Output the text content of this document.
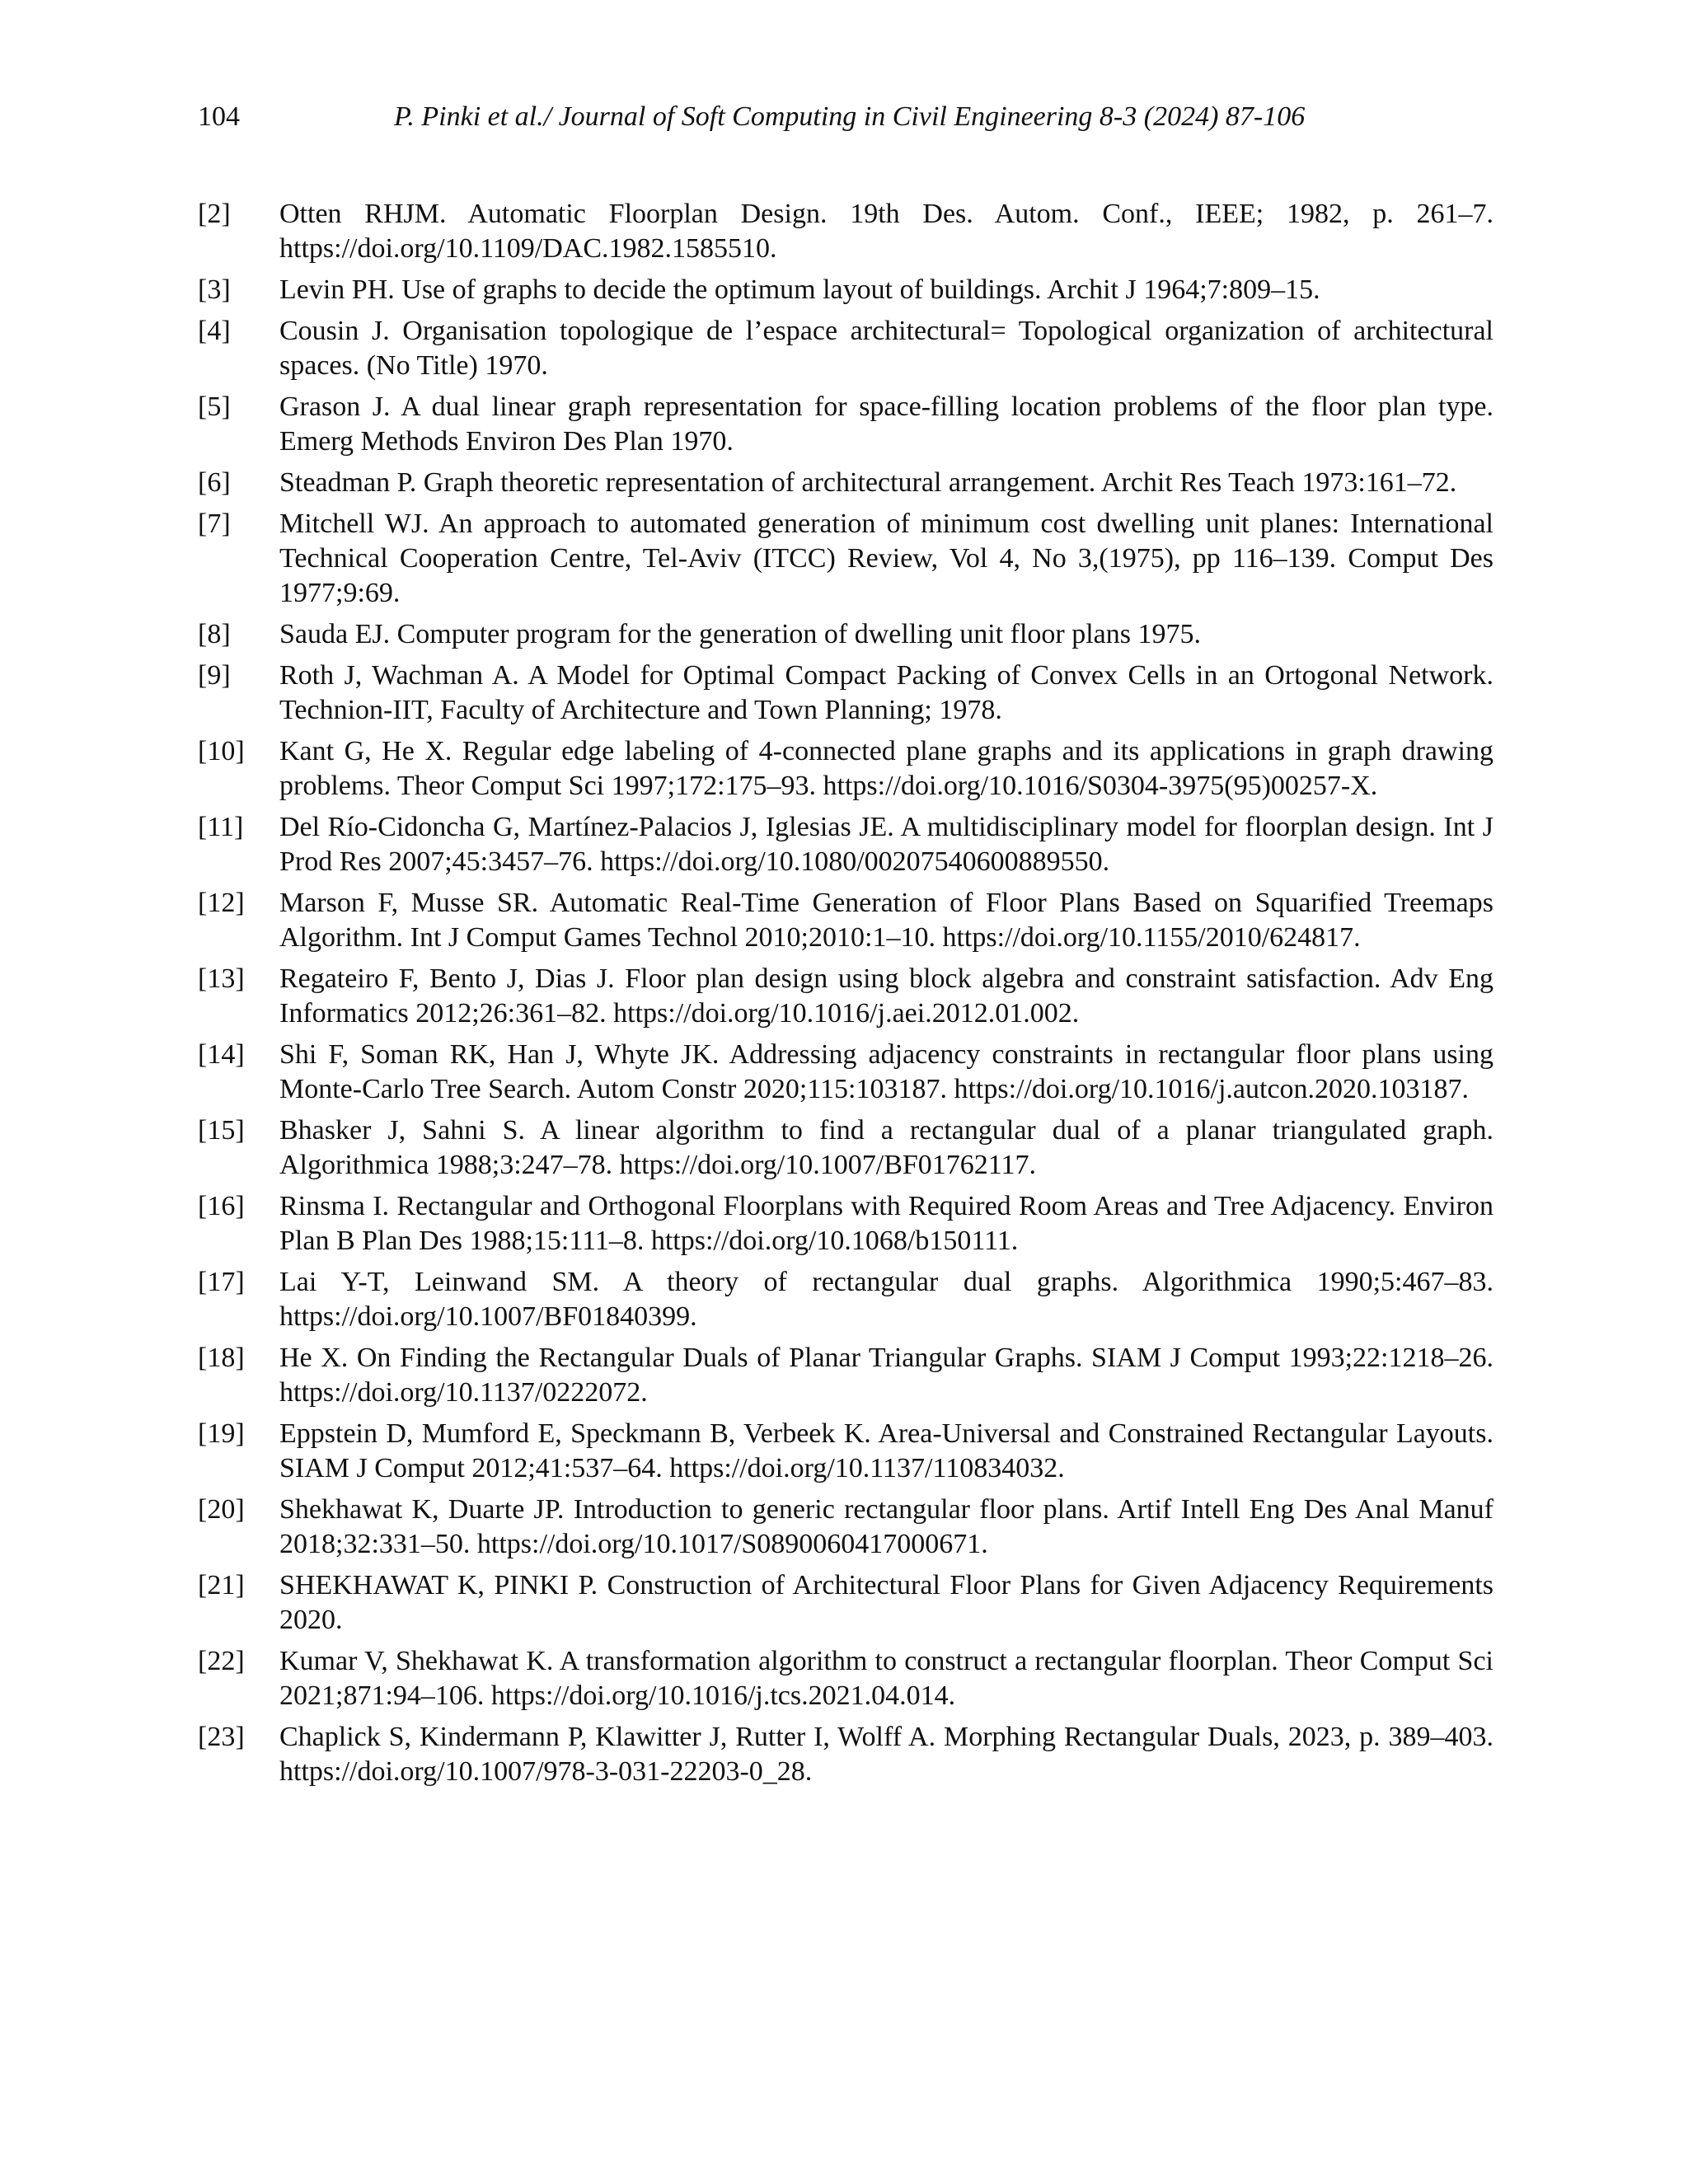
104	P. Pinki et al./ Journal of Soft Computing in Civil Engineering 8-3 (2024) 87-106
[2] Otten RHJM. Automatic Floorplan Design. 19th Des. Autom. Conf., IEEE; 1982, p. 261–7. https://doi.org/10.1109/DAC.1982.1585510.
[3] Levin PH. Use of graphs to decide the optimum layout of buildings. Archit J 1964;7:809–15.
[4] Cousin J. Organisation topologique de l’espace architectural= Topological organization of architectural spaces. (No Title) 1970.
[5] Grason J. A dual linear graph representation for space-filling location problems of the floor plan type. Emerg Methods Environ Des Plan 1970.
[6] Steadman P. Graph theoretic representation of architectural arrangement. Archit Res Teach 1973:161–72.
[7] Mitchell WJ. An approach to automated generation of minimum cost dwelling unit planes: International Technical Cooperation Centre, Tel-Aviv (ITCC) Review, Vol 4, No 3,(1975), pp 116–139. Comput Des 1977;9:69.
[8] Sauda EJ. Computer program for the generation of dwelling unit floor plans 1975.
[9] Roth J, Wachman A. A Model for Optimal Compact Packing of Convex Cells in an Ortogonal Network. Technion-IIT, Faculty of Architecture and Town Planning; 1978.
[10] Kant G, He X. Regular edge labeling of 4-connected plane graphs and its applications in graph drawing problems. Theor Comput Sci 1997;172:175–93. https://doi.org/10.1016/S0304-3975(95)00257-X.
[11] Del Río-Cidoncha G, Martínez-Palacios J, Iglesias JE. A multidisciplinary model for floorplan design. Int J Prod Res 2007;45:3457–76. https://doi.org/10.1080/00207540600889550.
[12] Marson F, Musse SR. Automatic Real-Time Generation of Floor Plans Based on Squarified Treemaps Algorithm. Int J Comput Games Technol 2010;2010:1–10. https://doi.org/10.1155/2010/624817.
[13] Regateiro F, Bento J, Dias J. Floor plan design using block algebra and constraint satisfaction. Adv Eng Informatics 2012;26:361–82. https://doi.org/10.1016/j.aei.2012.01.002.
[14] Shi F, Soman RK, Han J, Whyte JK. Addressing adjacency constraints in rectangular floor plans using Monte-Carlo Tree Search. Autom Constr 2020;115:103187. https://doi.org/10.1016/j.autcon.2020.103187.
[15] Bhasker J, Sahni S. A linear algorithm to find a rectangular dual of a planar triangulated graph. Algorithmica 1988;3:247–78. https://doi.org/10.1007/BF01762117.
[16] Rinsma I. Rectangular and Orthogonal Floorplans with Required Room Areas and Tree Adjacency. Environ Plan B Plan Des 1988;15:111–8. https://doi.org/10.1068/b150111.
[17] Lai Y-T, Leinwand SM. A theory of rectangular dual graphs. Algorithmica 1990;5:467–83. https://doi.org/10.1007/BF01840399.
[18] He X. On Finding the Rectangular Duals of Planar Triangular Graphs. SIAM J Comput 1993;22:1218–26. https://doi.org/10.1137/0222072.
[19] Eppstein D, Mumford E, Speckmann B, Verbeek K. Area-Universal and Constrained Rectangular Layouts. SIAM J Comput 2012;41:537–64. https://doi.org/10.1137/110834032.
[20] Shekhawat K, Duarte JP. Introduction to generic rectangular floor plans. Artif Intell Eng Des Anal Manuf 2018;32:331–50. https://doi.org/10.1017/S0890060417000671.
[21] SHEKHAWAT K, PINKI P. Construction of Architectural Floor Plans for Given Adjacency Requirements 2020.
[22] Kumar V, Shekhawat K. A transformation algorithm to construct a rectangular floorplan. Theor Comput Sci 2021;871:94–106. https://doi.org/10.1016/j.tcs.2021.04.014.
[23] Chaplick S, Kindermann P, Klawitter J, Rutter I, Wolff A. Morphing Rectangular Duals, 2023, p. 389–403. https://doi.org/10.1007/978-3-031-22203-0_28.
